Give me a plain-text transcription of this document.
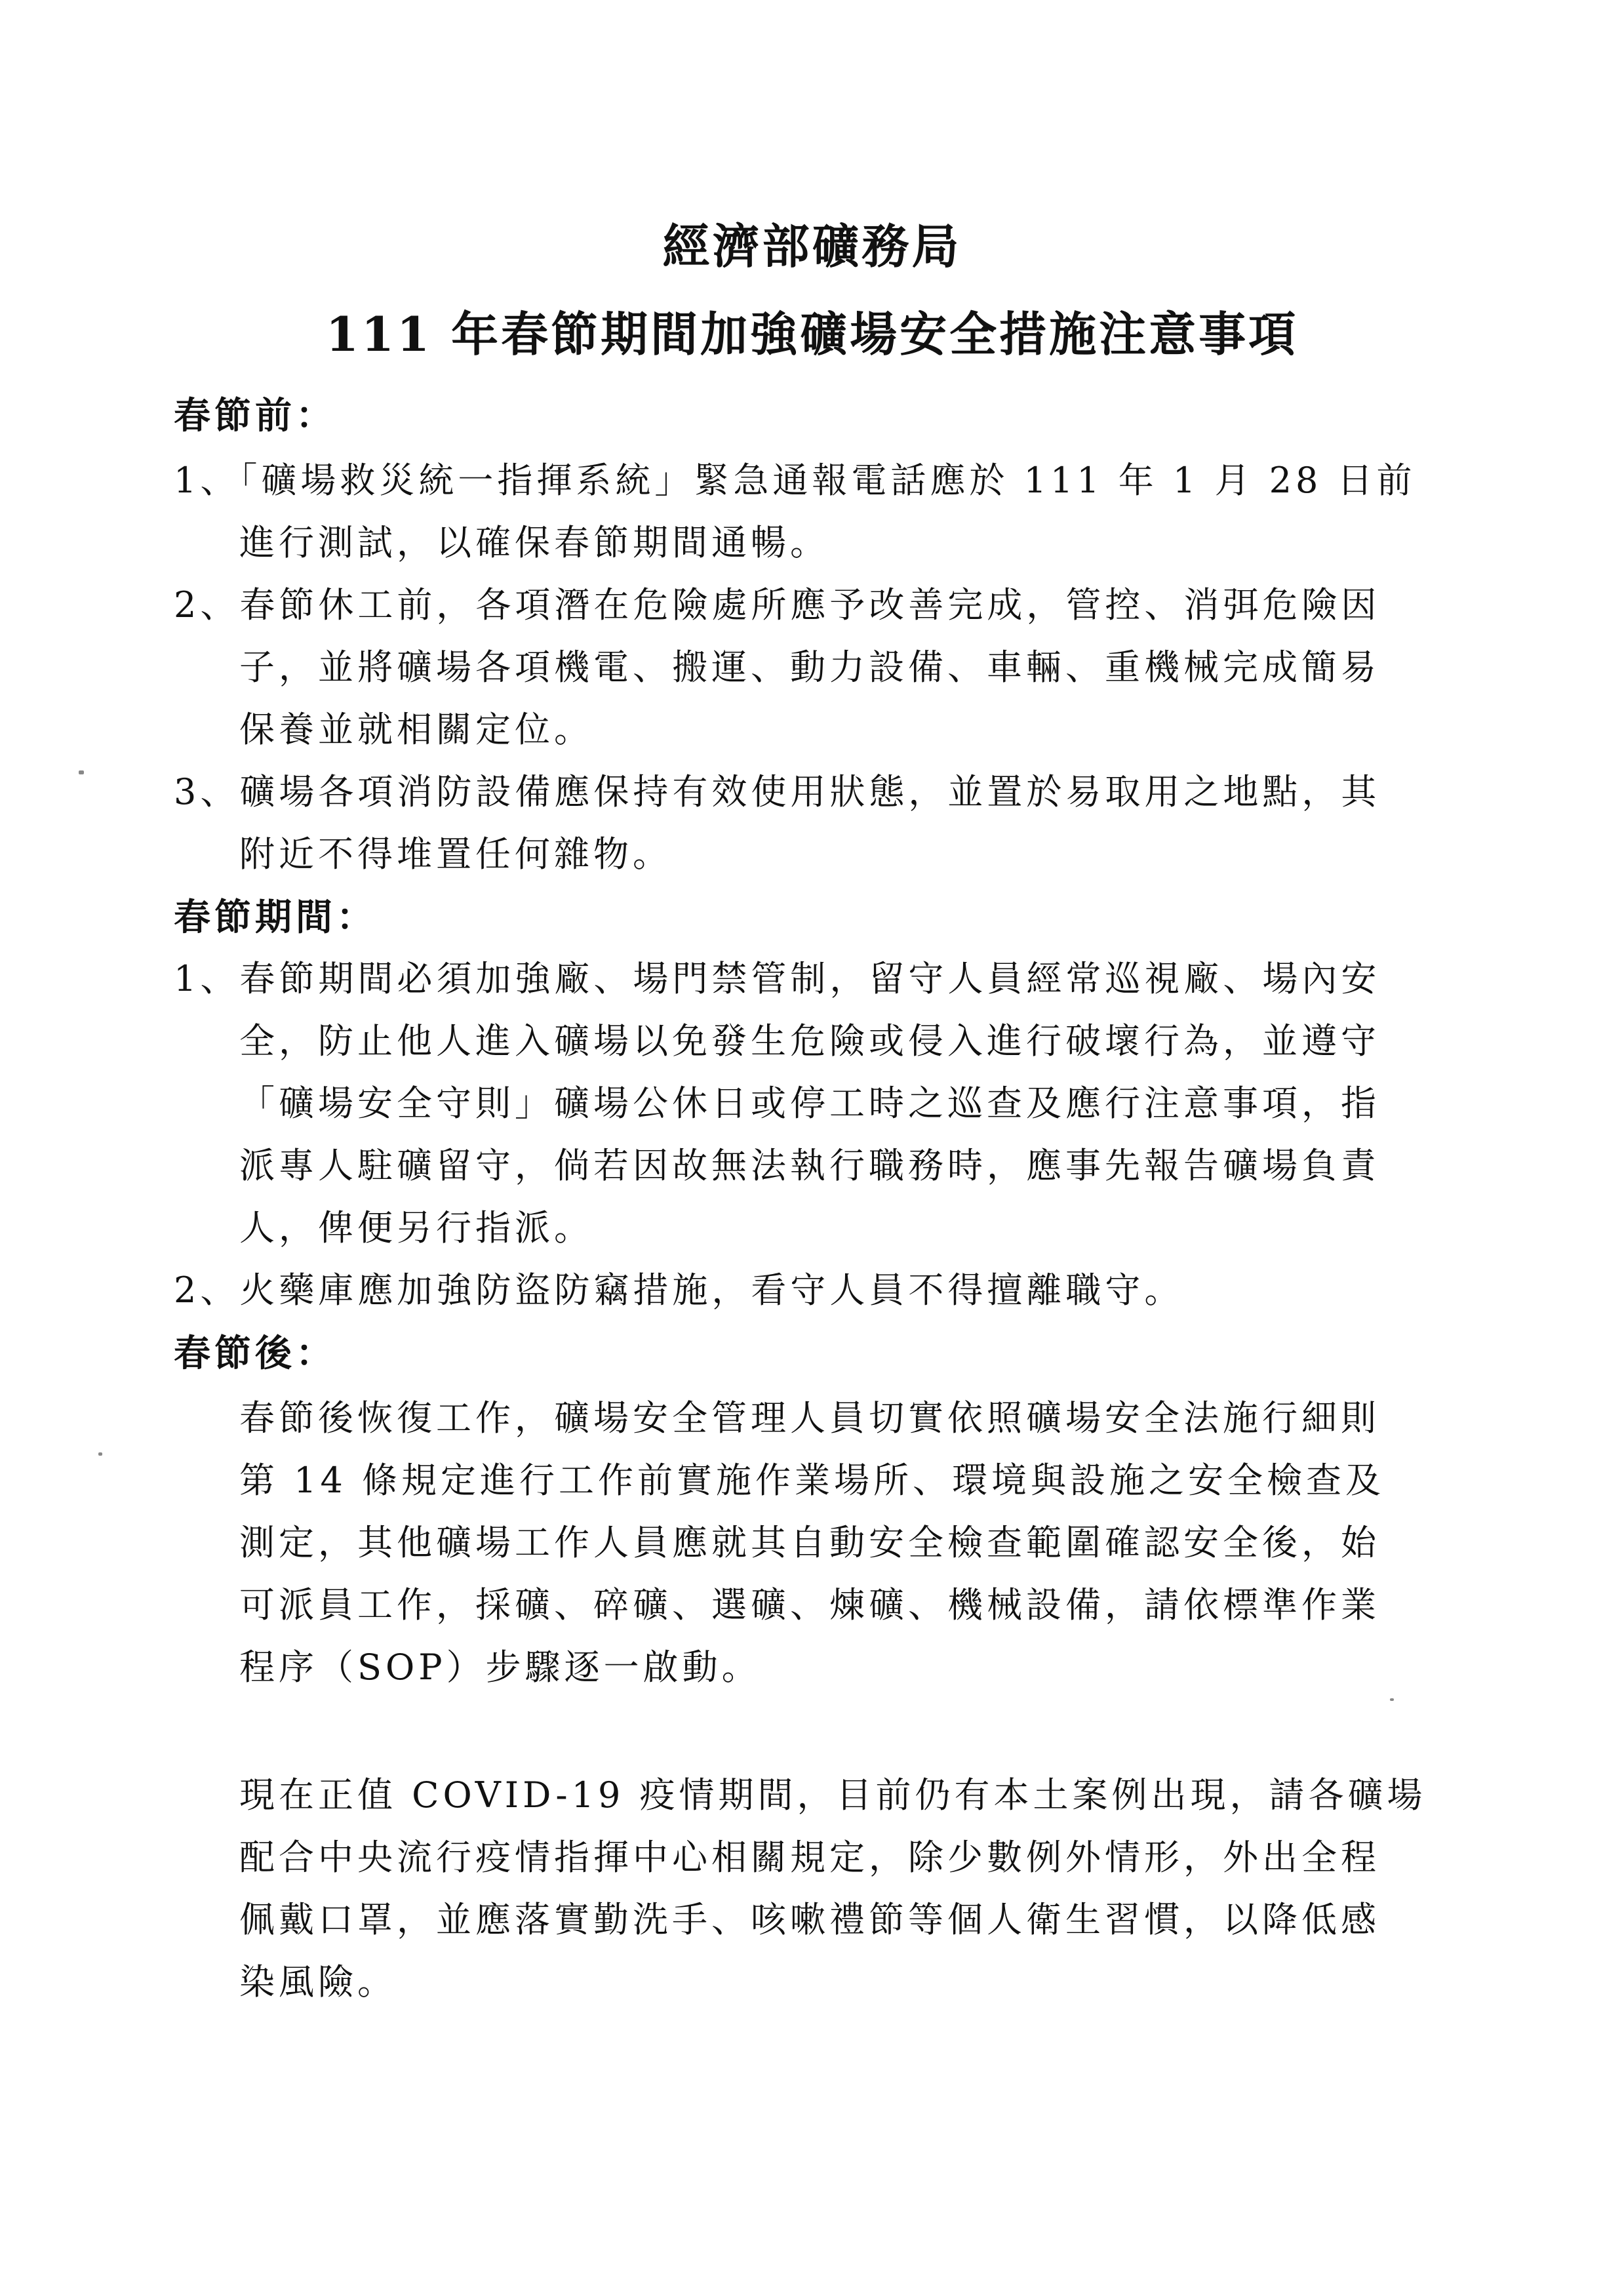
經濟部礦務局
111 年春節期間加強礦場安全措施注意事項
春節前：
1、「礦場救災統一指揮系統」緊急通報電話應於 111 年 1 月 28 日前
進行測試，以確保春節期間通暢。
2、春節休工前，各項潛在危險處所應予改善完成，管控、消弭危險因
子，並將礦場各項機電、搬運、動力設備、車輛、重機械完成簡易
保養並就相關定位。
3、礦場各項消防設備應保持有效使用狀態，並置於易取用之地點，其
附近不得堆置任何雜物。
春節期間：
1、春節期間必須加強廠、場門禁管制，留守人員經常巡視廠、場內安
全，防止他人進入礦場以免發生危險或侵入進行破壞行為，並遵守
「礦場安全守則」礦場公休日或停工時之巡查及應行注意事項，指
派專人駐礦留守，倘若因故無法執行職務時，應事先報告礦場負責
人，俾便另行指派。
2、火藥庫應加強防盜防竊措施，看守人員不得擅離職守。
春節後：
春節後恢復工作，礦場安全管理人員切實依照礦場安全法施行細則
第 14 條規定進行工作前實施作業場所、環境與設施之安全檢查及
測定，其他礦場工作人員應就其自動安全檢查範圍確認安全後，始
可派員工作，採礦、碎礦、選礦、煉礦、機械設備，請依標準作業
程序（SOP）步驟逐一啟動。
現在正值 COVID-19 疫情期間，目前仍有本土案例出現，請各礦場
配合中央流行疫情指揮中心相關規定，除少數例外情形，外出全程
佩戴口罩，並應落實勤洗手、咳嗽禮節等個人衛生習慣，以降低感
染風險。
